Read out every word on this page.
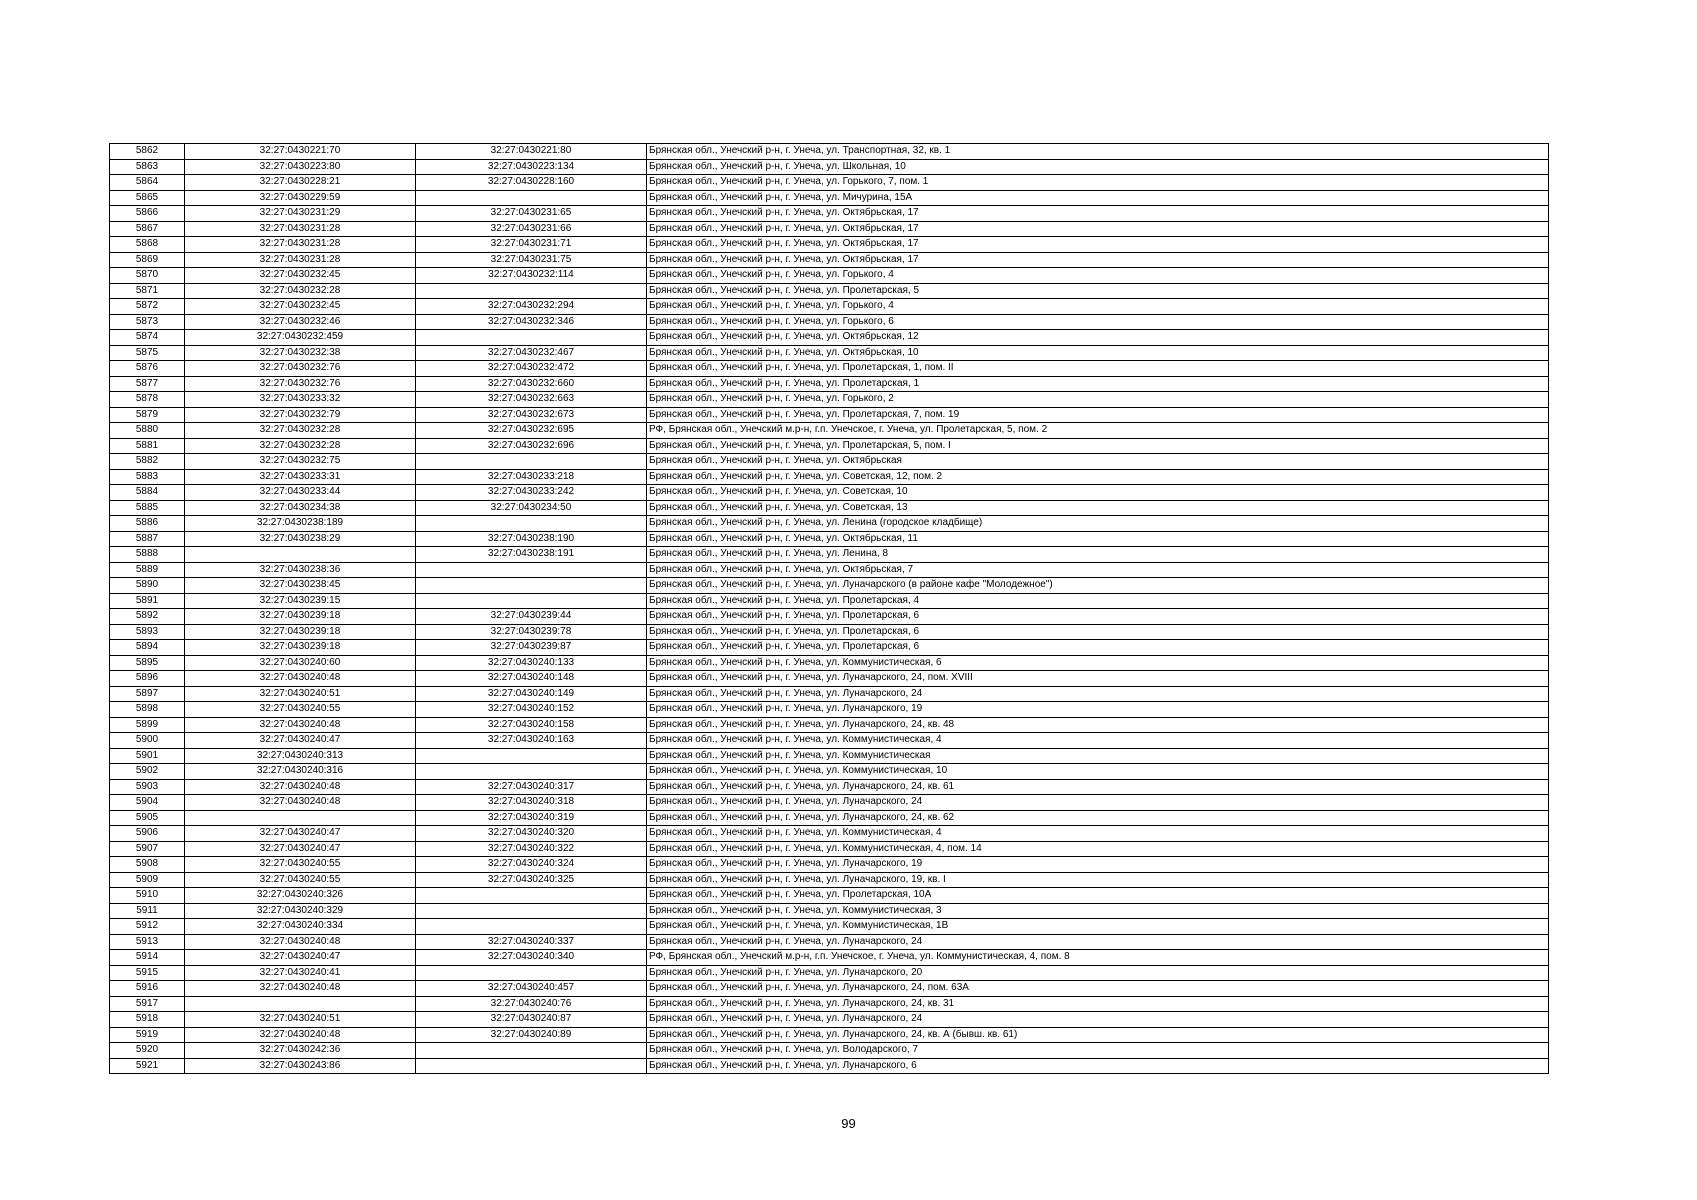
5862	32:27:0430221:70	32:27:0430221:80	Брянская обл., Унечский р-н, г. Унеча, ул. Транспортная, 32, кв. 1
5863	32:27:0430223:80	32:27:0430223:134	Брянская обл., Унечский р-н, г. Унеча, ул. Школьная, 10
5864	32:27:0430228:21	32:27:0430228:160	Брянская обл., Унечский р-н, г. Унеча, ул. Горького, 7, пом. 1
5865	32:27:0430229:59		Брянская обл., Унечский р-н, г. Унеча, ул. Мичурина, 15А
5866	32:27:0430231:29	32:27:0430231:65	Брянская обл., Унечский р-н, г. Унеча, ул. Октябрьская, 17
5867	32:27:0430231:28	32:27:0430231:66	Брянская обл., Унечский р-н, г. Унеча, ул. Октябрьская, 17
5868	32:27:0430231:28	32:27:0430231:71	Брянская обл., Унечский р-н, г. Унеча, ул. Октябрьская, 17
5869	32:27:0430231:28	32:27:0430231:75	Брянская обл., Унечский р-н, г. Унеча, ул. Октябрьская, 17
5870	32:27:0430232:45	32:27:0430232:114	Брянская обл., Унечский р-н, г. Унеча, ул. Горького, 4
5871	32:27:0430232:28		Брянская обл., Унечский р-н, г. Унеча, ул. Пролетарская, 5
5872	32:27:0430232:45	32:27:0430232:294	Брянская обл., Унечский р-н, г. Унеча, ул. Горького, 4
5873	32:27:0430232:46	32:27:0430232:346	Брянская обл., Унечский р-н, г. Унеча, ул. Горького, 6
5874	32:27:0430232:459		Брянская обл., Унечский р-н, г. Унеча, ул. Октябрьская, 12
5875	32:27:0430232:38	32:27:0430232:467	Брянская обл., Унечский р-н, г. Унеча, ул. Октябрьская, 10
5876	32:27:0430232:76	32:27:0430232:472	Брянская обл., Унечский р-н, г. Унеча, ул. Пролетарская, 1, пом. II
5877	32:27:0430232:76	32:27:0430232:660	Брянская обл., Унечский р-н, г. Унеча, ул. Пролетарская, 1
5878	32:27:0430233:32	32:27:0430232:663	Брянская обл., Унечский р-н, г. Унеча, ул. Горького, 2
5879	32:27:0430232:79	32:27:0430232:673	Брянская обл., Унечский р-н, г. Унеча, ул. Пролетарская, 7, пом. 19
5880	32:27:0430232:28	32:27:0430232:695	РФ, Брянская обл., Унечский м.р-н, г.п. Унечское, г. Унеча, ул. Пролетарская, 5, пом. 2
5881	32:27:0430232:28	32:27:0430232:696	Брянская обл., Унечский р-н, г. Унеча, ул. Пролетарская, 5, пом. I
5882	32:27:0430232:75		Брянская обл., Унечский р-н, г. Унеча, ул. Октябрьская
5883	32:27:0430233:31	32:27:0430233:218	Брянская обл., Унечский р-н, г. Унеча, ул. Советская, 12, пом. 2
5884	32:27:0430233:44	32:27:0430233:242	Брянская обл., Унечский р-н, г. Унеча, ул. Советская, 10
5885	32:27:0430234:38	32:27:0430234:50	Брянская обл., Унечский р-н, г. Унеча, ул. Советская, 13
5886	32:27:0430238:189		Брянская обл., Унечский р-н, г. Унеча, ул. Ленина (городское кладбище)
5887	32:27:0430238:29	32:27:0430238:190	Брянская обл., Унечский р-н, г. Унеча, ул. Октябрьская, 11
5888		32:27:0430238:191	Брянская обл., Унечский р-н, г. Унеча, ул. Ленина, 8
5889	32:27:0430238:36		Брянская обл., Унечский р-н, г. Унеча, ул. Октябрьская, 7
5890	32:27:0430238:45		Брянская обл., Унечский р-н, г. Унеча, ул. Луначарского (в районе кафе "Молодежное")
5891	32:27:0430239:15		Брянская обл., Унечский р-н, г. Унеча, ул. Пролетарская, 4
5892	32:27:0430239:18	32:27:0430239:44	Брянская обл., Унечский р-н, г. Унеча, ул. Пролетарская, 6
5893	32:27:0430239:18	32:27:0430239:78	Брянская обл., Унечский р-н, г. Унеча, ул. Пролетарская, 6
5894	32:27:0430239:18	32:27:0430239:87	Брянская обл., Унечский р-н, г. Унеча, ул. Пролетарская, 6
5895	32:27:0430240:60	32:27:0430240:133	Брянская обл., Унечский р-н, г. Унеча, ул. Коммунистическая, 6
5896	32:27:0430240:48	32:27:0430240:148	Брянская обл., Унечский р-н, г. Унеча, ул. Луначарского, 24, пом. XVIII
5897	32:27:0430240:51	32:27:0430240:149	Брянская обл., Унечский р-н, г. Унеча, ул. Луначарского, 24
5898	32:27:0430240:55	32:27:0430240:152	Брянская обл., Унечский р-н, г. Унеча, ул. Луначарского, 19
5899	32:27:0430240:48	32:27:0430240:158	Брянская обл., Унечский р-н, г. Унеча, ул. Луначарского, 24, кв. 48
5900	32:27:0430240:47	32:27:0430240:163	Брянская обл., Унечский р-н, г. Унеча, ул. Коммунистическая, 4
5901	32:27:0430240:313		Брянская обл., Унечский р-н, г. Унеча, ул. Коммунистическая
5902	32:27:0430240:316		Брянская обл., Унечский р-н, г. Унеча, ул. Коммунистическая, 10
5903	32:27:0430240:48	32:27:0430240:317	Брянская обл., Унечский р-н, г. Унеча, ул. Луначарского, 24, кв. 61
5904	32:27:0430240:48	32:27:0430240:318	Брянская обл., Унечский р-н, г. Унеча, ул. Луначарского, 24
5905		32:27:0430240:319	Брянская обл., Унечский р-н, г. Унеча, ул. Луначарского, 24, кв. 62
5906	32:27:0430240:47	32:27:0430240:320	Брянская обл., Унечский р-н, г. Унеча, ул. Коммунистическая, 4
5907	32:27:0430240:47	32:27:0430240:322	Брянская обл., Унечский р-н, г. Унеча, ул. Коммунистическая, 4, пом. 14
5908	32:27:0430240:55	32:27:0430240:324	Брянская обл., Унечский р-н, г. Унеча, ул. Луначарского, 19
5909	32:27:0430240:55	32:27:0430240:325	Брянская обл., Унечский р-н, г. Унеча, ул. Луначарского, 19, кв. I
5910	32:27:0430240:326		Брянская обл., Унечский р-н, г. Унеча, ул. Пролетарская, 10А
5911	32:27:0430240:329		Брянская обл., Унечский р-н, г. Унеча, ул. Коммунистическая, 3
5912	32:27:0430240:334		Брянская обл., Унечский р-н, г. Унеча, ул. Коммунистическая, 1В
5913	32:27:0430240:48	32:27:0430240:337	Брянская обл., Унечский р-н, г. Унеча, ул. Луначарского, 24
5914	32:27:0430240:47	32:27:0430240:340	РФ, Брянская обл., Унечский м.р-н, г.п. Унечское, г. Унеча, ул. Коммунистическая, 4, пом. 8
5915	32:27:0430240:41		Брянская обл., Унечский р-н, г. Унеча, ул. Луначарского, 20
5916	32:27:0430240:48	32:27:0430240:457	Брянская обл., Унечский р-н, г. Унеча, ул. Луначарского, 24, пом. 63А
5917		32:27:0430240:76	Брянская обл., Унечский р-н, г. Унеча, ул. Луначарского, 24, кв. 31
5918	32:27:0430240:51	32:27:0430240:87	Брянская обл., Унечский р-н, г. Унеча, ул. Луначарского, 24
5919	32:27:0430240:48	32:27:0430240:89	Брянская обл., Унечский р-н, г. Унеча, ул. Луначарского, 24, кв. А (бывш. кв. 61)
5920	32:27:0430242:36		Брянская обл., Унечский р-н, г. Унеча, ул. Володарского, 7
5921	32:27:0430243:86		Брянская обл., Унечский р-н, г. Унеча, ул. Луначарского, 6
99
